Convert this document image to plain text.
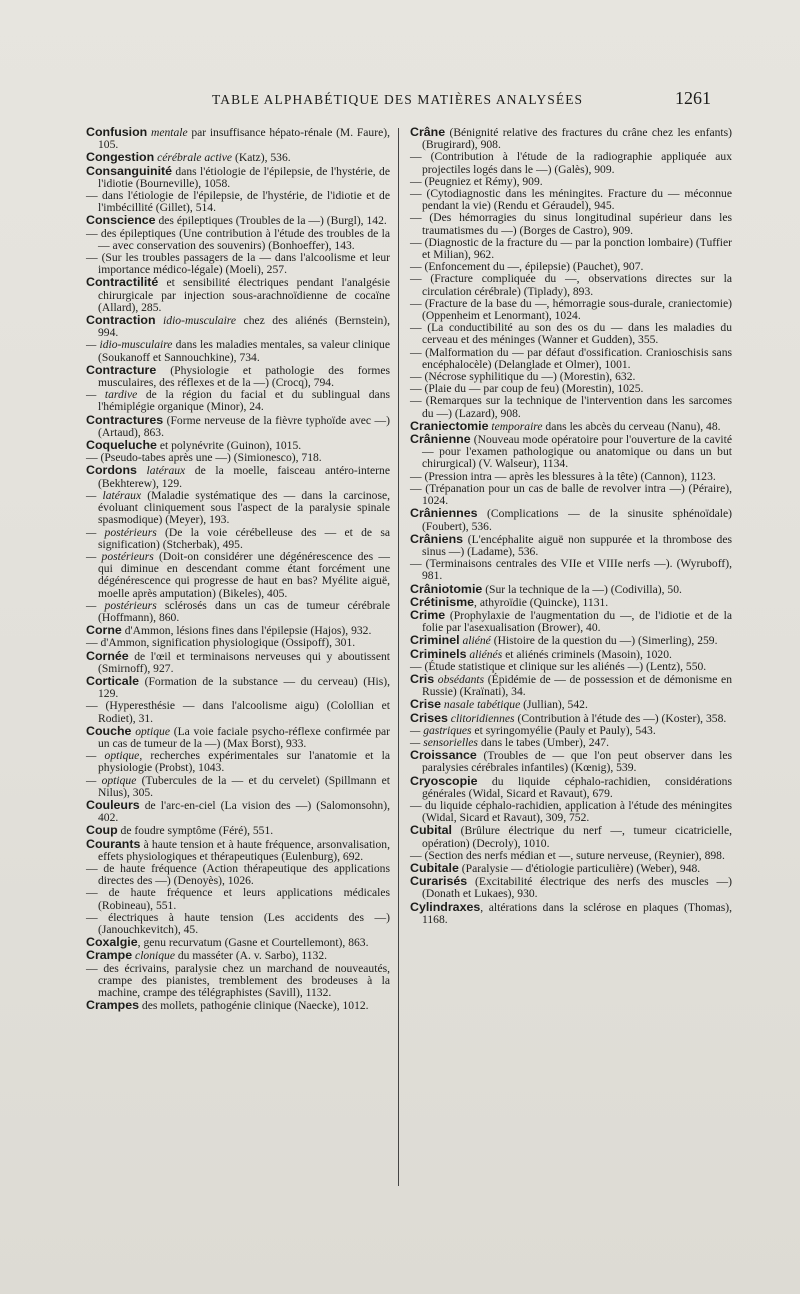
TABLE ALPHABÉTIQUE DES MATIÈRES ANALYSÉES	1261

Confusion mentale par insuffisance hépato-rénale (M. Faure), 105.

Congestion cérébrale active (Katz), 536.

Consanguinité dans l'étiologie de l'épilepsie, de l'hystérie, de l'idiotie (Bourneville), 1058.

— dans l'étiologie de l'épilepsie, de l'hystérie, de l'idiotie et de l'imbécillité (Gillet), 514.

Conscience des épileptiques (Troubles de la —) (Burgl), 142.

— des épileptiques (Une contribution à l'étude des troubles de la — avec conservation des souvenirs) (Bonhoeffer), 143.

— (Sur les troubles passagers de la — dans l'alcoolisme et leur importance médico-légale) (Moeli), 257.

Contractilité et sensibilité électriques pendant l'analgésie chirurgicale par injection sous-arachnoïdienne de cocaïne (Allard), 285.

Contraction idio-musculaire chez des aliénés (Bernstein), 994.

— idio-musculaire dans les maladies mentales, sa valeur clinique (Soukanoff et Sannouchkine), 734.

Contracture (Physiologie et pathologie des formes musculaires, des réflexes et de la —) (Crocq), 794.

— tardive de la région du facial et du sublingual dans l'hémiplégie organique (Minor), 24.

Contractures (Forme nerveuse de la fièvre typhoïde avec —) (Artaud), 863.

Coqueluche et polynévrite (Guinon), 1015.

— (Pseudo-tabes après une —) (Simionesco), 718.

Cordons latéraux de la moelle, faisceau antéro-interne (Bekhterew), 129.

— latéraux (Maladie systématique des — dans la carcinose, évoluant cliniquement sous l'aspect de la paralysie spinale spasmodique) (Meyer), 193.

— postérieurs (De la voie cérébelleuse des — et de sa signification) (Stcherbak), 495.

— postérieurs (Doit-on considérer une dégénérescence des — qui diminue en descendant comme étant forcément une dégénérescence qui progresse de haut en bas? Myélite aiguë, moelle après amputation) (Bikeles), 405.

— postérieurs sclérosés dans un cas de tumeur cérébrale (Hoffmann), 860.

Corne d'Ammon, lésions fines dans l'épilepsie (Hajos), 932.

— d'Ammon, signification physiologique (Ossipoff), 301.

Cornée de l'œil et terminaisons nerveuses qui y aboutissent (Smirnoff), 927.

Corticale (Formation de la substance — du cerveau) (His), 129.

— (Hyperesthésie — dans l'alcoolisme aigu) (Colollian et Rodiet), 31.

Couche optique (La voie faciale psycho-réflexe confirmée par un cas de tumeur de la —) (Max Borst), 933.

— optique, recherches expérimentales sur l'anatomie et la physiologie (Probst), 1043.

— optique (Tubercules de la — et du cervelet) (Spillmann et Nilus), 305.

Couleurs de l'arc-en-ciel (La vision des —) (Salomonsohn), 402.

Coup de foudre symptôme (Féré), 551.

Courants à haute tension et à haute fréquence, arsonvalisation, effets physiologiques et thérapeutiques (Eulenburg), 692.

— de haute fréquence (Action thérapeutique des applications directes des —) (Denoyès), 1026.

— de haute fréquence et leurs applications médicales (Robineau), 551.

— électriques à haute tension (Les accidents des —) (Janouchkevitch), 45.

Coxalgie, genu recurvatum (Gasne et Courtellemont), 863.

Crampe clonique du masséter (A. v. Sarbo), 1132.

— des écrivains, paralysie chez un marchand de nouveautés, crampe des pianistes, tremblement des brodeuses à la machine, crampe des télégraphistes (Savill), 1132.

Crampes des mollets, pathogénie clinique (Naecke), 1012.

Crâne (Bénignité relative des fractures du crâne chez les enfants) (Brugirard), 908.

— (Contribution à l'étude de la radiographie appliquée aux projectiles logés dans le —) (Galès), 909.

— (Peugniez et Rémy), 909.

— (Cytodiagnostic dans les méningites. Fracture du — méconnue pendant la vie) (Rendu et Géraudel), 945.

— (Des hémorragies du sinus longitudinal supérieur dans les traumatismes du —) (Borges de Castro), 909.

— (Diagnostic de la fracture du — par la ponction lombaire) (Tuffier et Milian), 962.

— (Enfoncement du —, épilepsie) (Pauchet), 907.

— (Fracture compliquée du —, observations directes sur la circulation cérébrale) (Tiplady), 893.

— (Fracture de la base du —, hémorragie sous-durale, craniectomie) (Oppenheim et Lenormant), 1024.

— (La conductibilité au son des os du — dans les maladies du cerveau et des méninges (Wanner et Gudden), 355.

— (Malformation du — par défaut d'ossification. Cranioschisis sans encéphalocèle) (Delanglade et Olmer), 1001.

— (Nécrose syphilitique du —) (Morestin), 632.

— (Plaie du — par coup de feu) (Morestin), 1025.

— (Remarques sur la technique de l'intervention dans les sarcomes du —) (Lazard), 908.

Craniectomie temporaire dans les abcès du cerveau (Nanu), 48.

Crânienne (Nouveau mode opératoire pour l'ouverture de la cavité — pour l'examen pathologique ou anatomique ou dans un but chirurgical) (V. Walseur), 1134.

— (Pression intra — après les blessures à la tête) (Cannon), 1123.

— (Trépanation pour un cas de balle de revolver intra —) (Péraire), 1024.

Crâniennes (Complications — de la sinusite sphénoïdale) (Foubert), 536.

Crâniens (L'encéphalite aiguë non suppurée et la thrombose des sinus —) (Ladame), 536.

— (Terminaisons centrales des VIIe et VIIIe nerfs —). (Wyruboff), 981.

Crâniotomie (Sur la technique de la —) (Codivilla), 50.

Crétinisme, athyroïdie (Quincke), 1131.

Crime (Prophylaxie de l'augmentation du —, de l'idiotie et de la folie par l'asexualisation (Brower), 40.

Criminel aliéné (Histoire de la question du —) (Simerling), 259.

Criminels aliénés et aliénés criminels (Masoin), 1020.

— (Étude statistique et clinique sur les aliénés —) (Lentz), 550.

Cris obsédants (Épidémie de — de possession et de démonisme en Russie) (Kraïnati), 34.

Crise nasale tabétique (Jullian), 542.

Crises clitoridiennes (Contribution à l'étude des —) (Koster), 358.

— gastriques et syringomyélie (Pauly et Pauly), 543.

— sensorielles dans le tabes (Umber), 247.

Croissance (Troubles de — que l'on peut observer dans les paralysies cérébrales infantiles) (Kœnig), 539.

Cryoscopie du liquide céphalo-rachidien, considérations générales (Widal, Sicard et Ravaut), 679.

— du liquide céphalo-rachidien, application à l'étude des méningites (Widal, Sicard et Ravaut), 309, 752.

Cubital (Brûlure électrique du nerf —, tumeur cicatricielle, opération) (Decroly), 1010.

— (Section des nerfs médian et —, suture nerveuse, (Reynier), 898.

Cubitale (Paralysie — d'étiologie particulière) (Weber), 948.

Curarisés (Excitabilité électrique des nerfs des muscles —) (Donath et Lukaes), 930.

Cylindraxes, altérations dans la sclérose en plaques (Thomas), 1168.
